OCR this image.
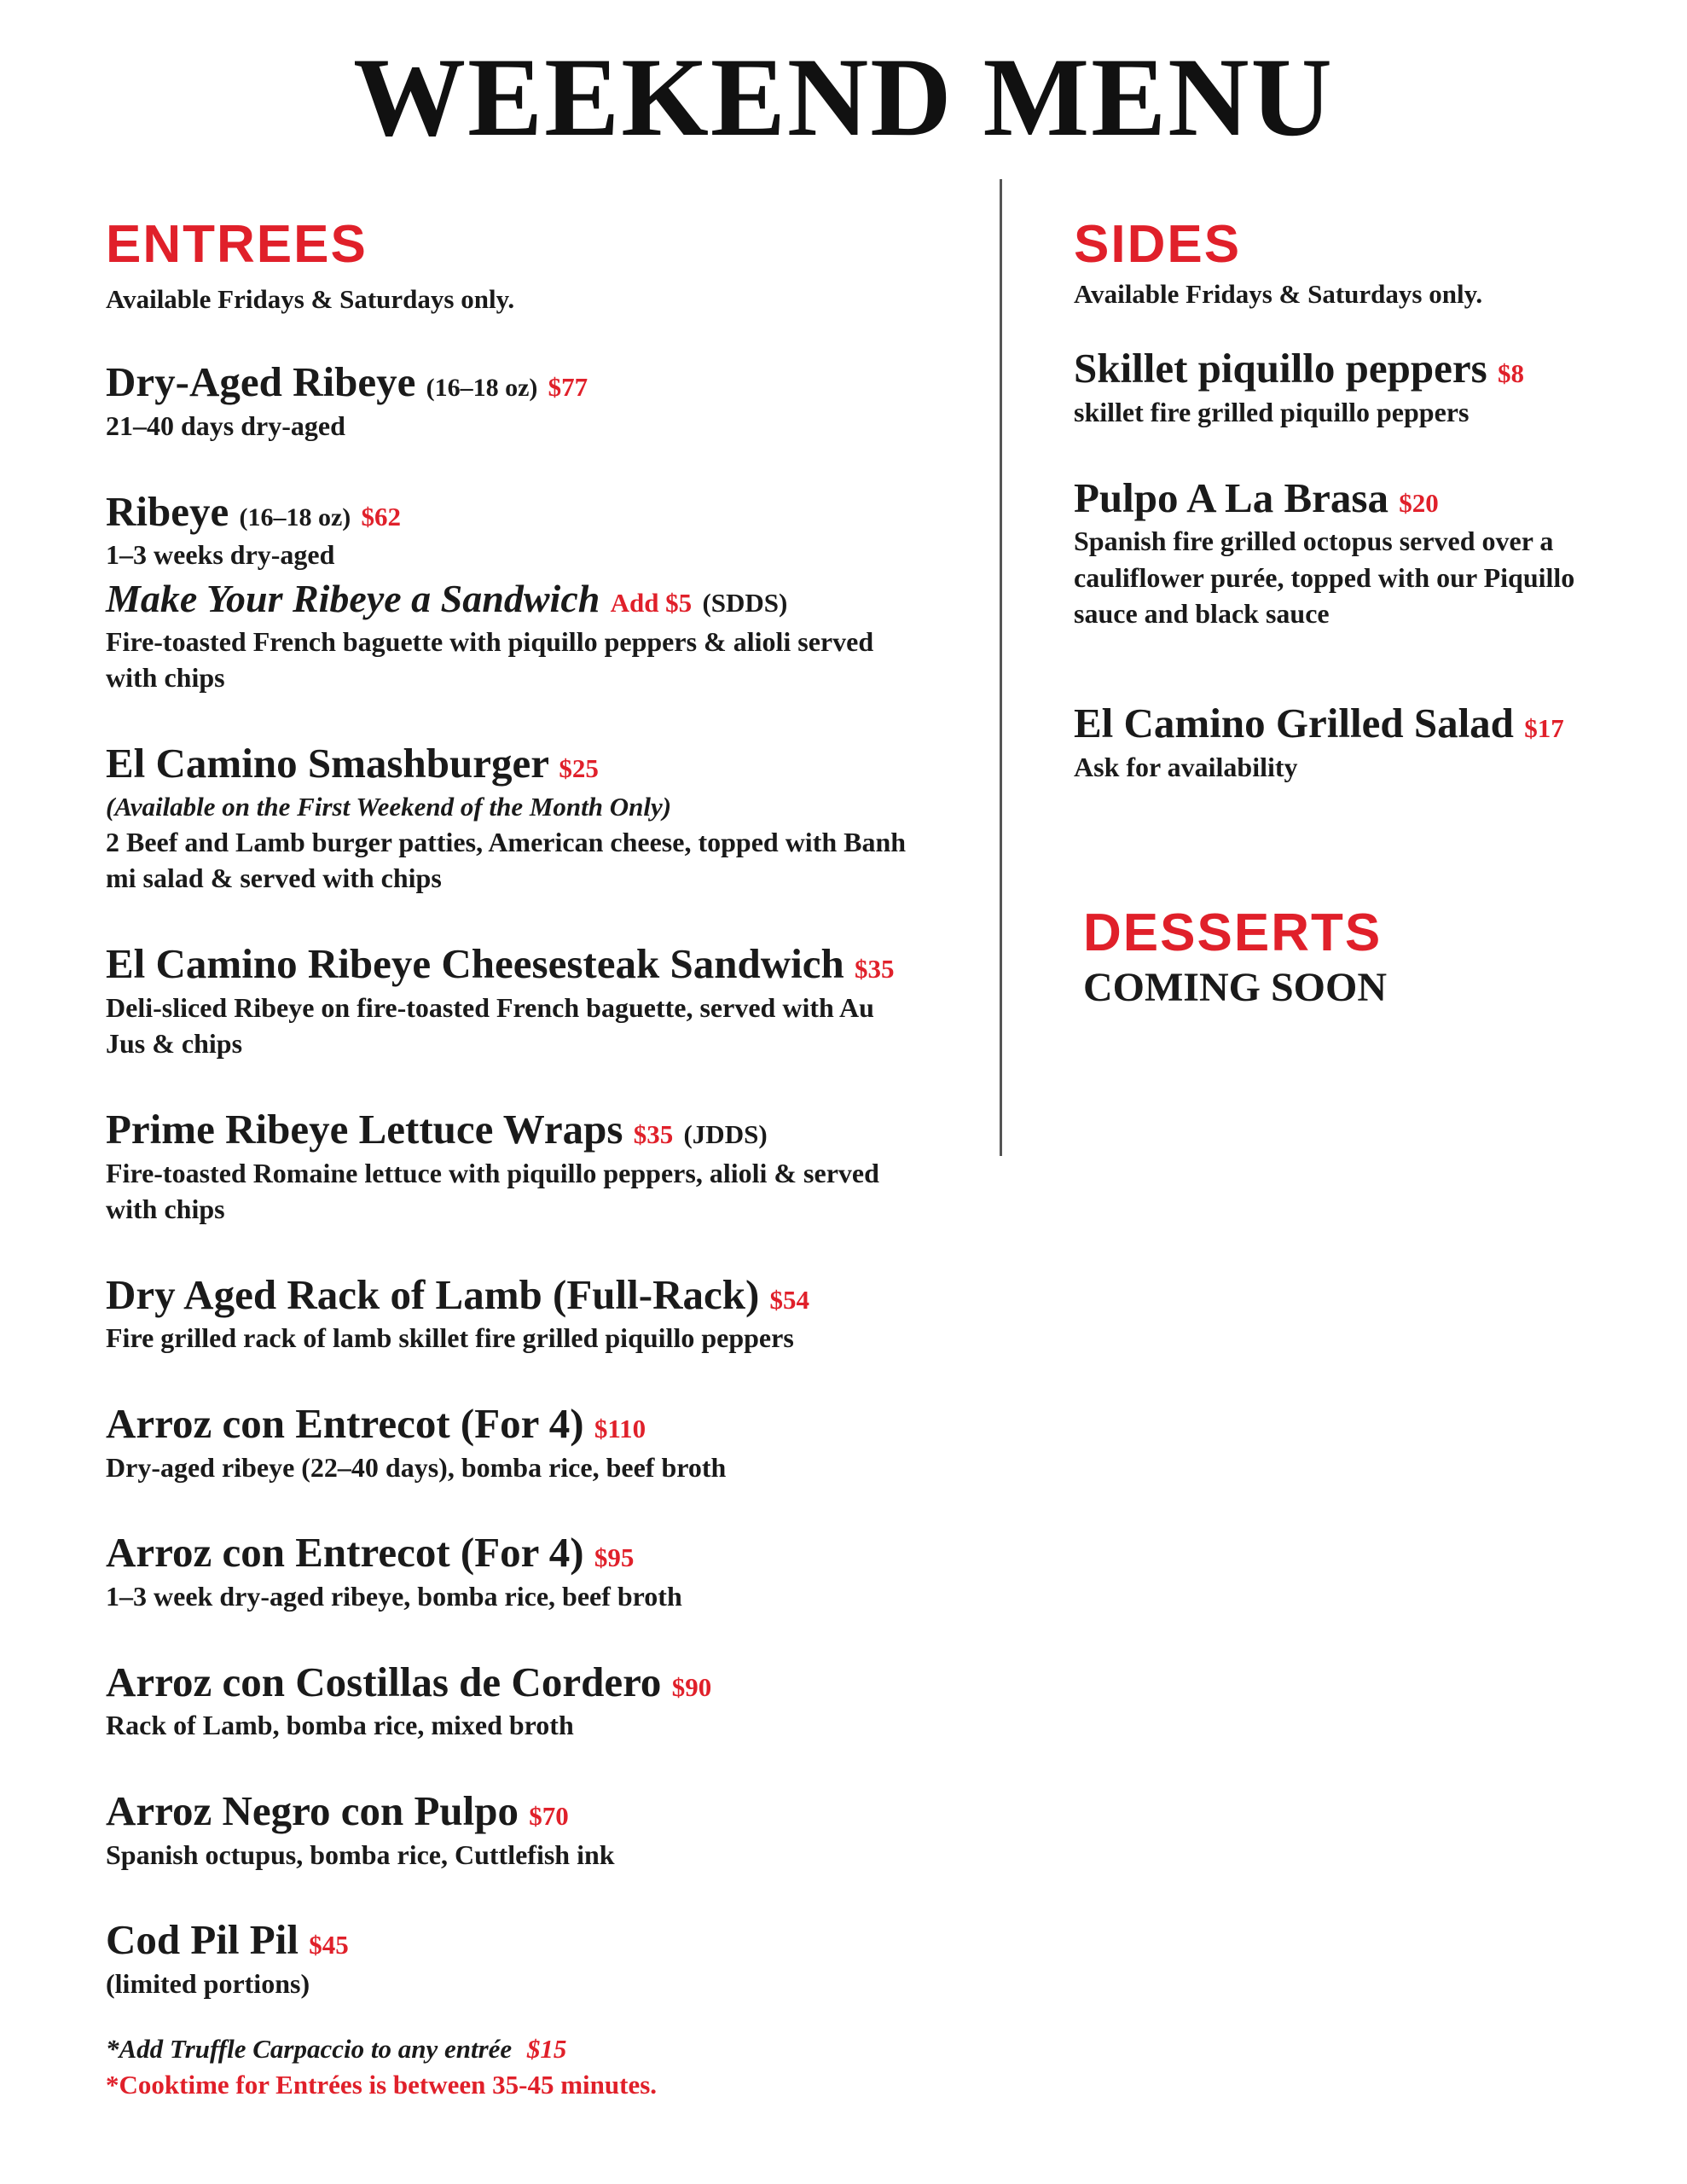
WEEKEND MENU
ENTREES

Available Fridays & Saturdays only.

Dry-Aged Ribeye (16–18 oz) $77
21–40 days dry-aged
Ribeye (16–18 oz) $62
1–3 weeks dry-aged
Make Your Ribeye a Sandwich Add $5 (SDDS)
Fire-toasted French baguette with piquillo peppers & alioli served with chips
El Camino Smashburger $25
(Available on the First Weekend of the Month Only)
2 Beef and Lamb burger patties, American cheese, topped with Banh mi salad & served with chips
El Camino Ribeye Cheesesteak Sandwich $35
Deli-sliced Ribeye on fire-toasted French baguette, served with Au Jus & chips
Prime Ribeye Lettuce Wraps $35 (JDDS)
Fire-toasted Romaine lettuce with piquillo peppers, alioli & served with chips
Dry Aged Rack of Lamb (Full-Rack) $54
Fire grilled rack of lamb skillet fire grilled piquillo peppers
Arroz con Entrecot (For 4) $110
Dry-aged ribeye (22–40 days), bomba rice, beef broth
Arroz con Entrecot (For 4) $95
1–3 week dry-aged ribeye, bomba rice, beef broth
Arroz con Costillas de Cordero $90
Rack of Lamb, bomba rice, mixed broth
Arroz Negro con Pulpo $70
Spanish octupus, bomba rice, Cuttlefish ink
Cod Pil Pil $45
(limited portions)
*Add Truffle Carpaccio to any entrée $15
*Cooktime for Entrées is between 35-45 minutes.
SIDES

Available Fridays & Saturdays only.

Skillet piquillo peppers $8
skillet fire grilled piquillo peppers
Pulpo A La Brasa $20
Spanish fire grilled octopus served over a cauliflower purée, topped with our Piquillo sauce and black sauce
El Camino Grilled Salad $17
Ask for availability
DESSERTS
COMING SOON
